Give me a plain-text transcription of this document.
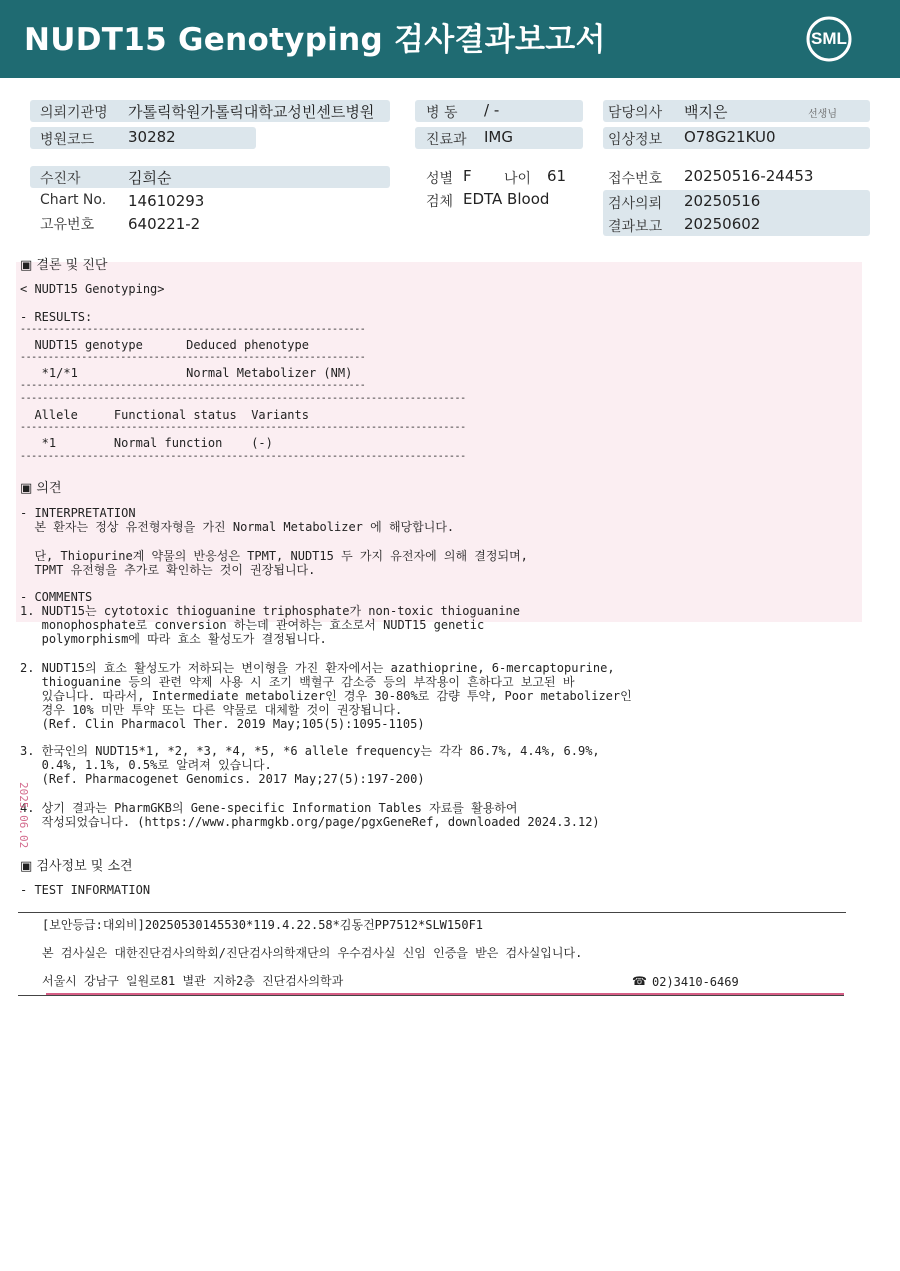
NUDT15 Genotyping 검사결과보고서	SML
의뢰기관명 가톨릭학원가톨릭대학교성빈센트병원
병원코드 30282
병 동 / -
진료과 IMG
담당의사 백지은	선생님
임상정보 O78G21KU0
수진자	김희순
Chart No. 14610293
고유번호 640221-2
성별 F 나이 61
검체 EDTA Blood
접수번호 20250516-24453
검사의뢰 20250516
결과보고 20250602
▣ 결론 및 진단
< NUDT15 Genotyping>
- RESULTS:
--------------------------------------------------------------
NUDT15 genotype      Deduced phenotype
--------------------------------------------------------------
*1/*1               Normal Metabolizer (NM)
--------------------------------------------------------------
--------------------------------------------------------------------------------
Allele     Functional status  Variants
--------------------------------------------------------------------------------
*1        Normal function    (-)
--------------------------------------------------------------------------------
▣ 의견
- INTERPRETATION
본 환자는 정상 유전형자형을 가진 Normal Metabolizer 에 해당합니다.
단, Thiopurine계 약물의 반응성은 TPMT, NUDT15 두 가지 유전자에 의해 결정되며,
TPMT 유전형을 추가로 확인하는 것이 권장됩니다.
- COMMENTS
1. NUDT15는 cytotoxic thioguanine triphosphate가 non-toxic thioguanine
monophosphate로 conversion 하는데 관여하는 효소로서 NUDT15 genetic
polymorphism에 따라 효소 활성도가 결정됩니다.
2. NUDT15의 효소 활성도가 저하되는 변이형을 가진 환자에서는 azathioprine, 6-mercaptopurine,
thioguanine 등의 관련 약제 사용 시 조기 백혈구 감소증 등의 부작용이 흔하다고 보고된 바
있습니다. 따라서, Intermediate metabolizer인 경우 30-80%로 감량 투약, Poor metabolizer인
경우 10% 미만 투약 또는 다른 약물로 대체할 것이 권장됩니다.
(Ref. Clin Pharmacol Ther. 2019 May;105(5):1095-1105)
3. 한국인의 NUDT15*1, *2, *3, *4, *5, *6 allele frequency는 각각 86.7%, 4.4%, 6.9%,
0.4%, 1.1%, 0.5%로 알려져 있습니다.
(Ref. Pharmacogenet Genomics. 2017 May;27(5):197-200)
4. 상기 결과는 PharmGKB의 Gene-specific Information Tables 자료를 활용하여
작성되었습니다. (https://www.pharmgkb.org/page/pgxGeneRef, downloaded 2024.3.12)
▣ 검사정보 및 소견
- TEST INFORMATION
[보안등급:대외비]20250530145530*119.4.22.58*김동건PP7512*SLW150F1
본 검사실은 대한진단검사의학회/진단검사의학재단의 우수검사실 신임 인증을 받은 검사실입니다.
서울시 강남구 일원로81 별관 지하2층 진단검사의학과	☎ 02)3410-6469
2025.06.02
